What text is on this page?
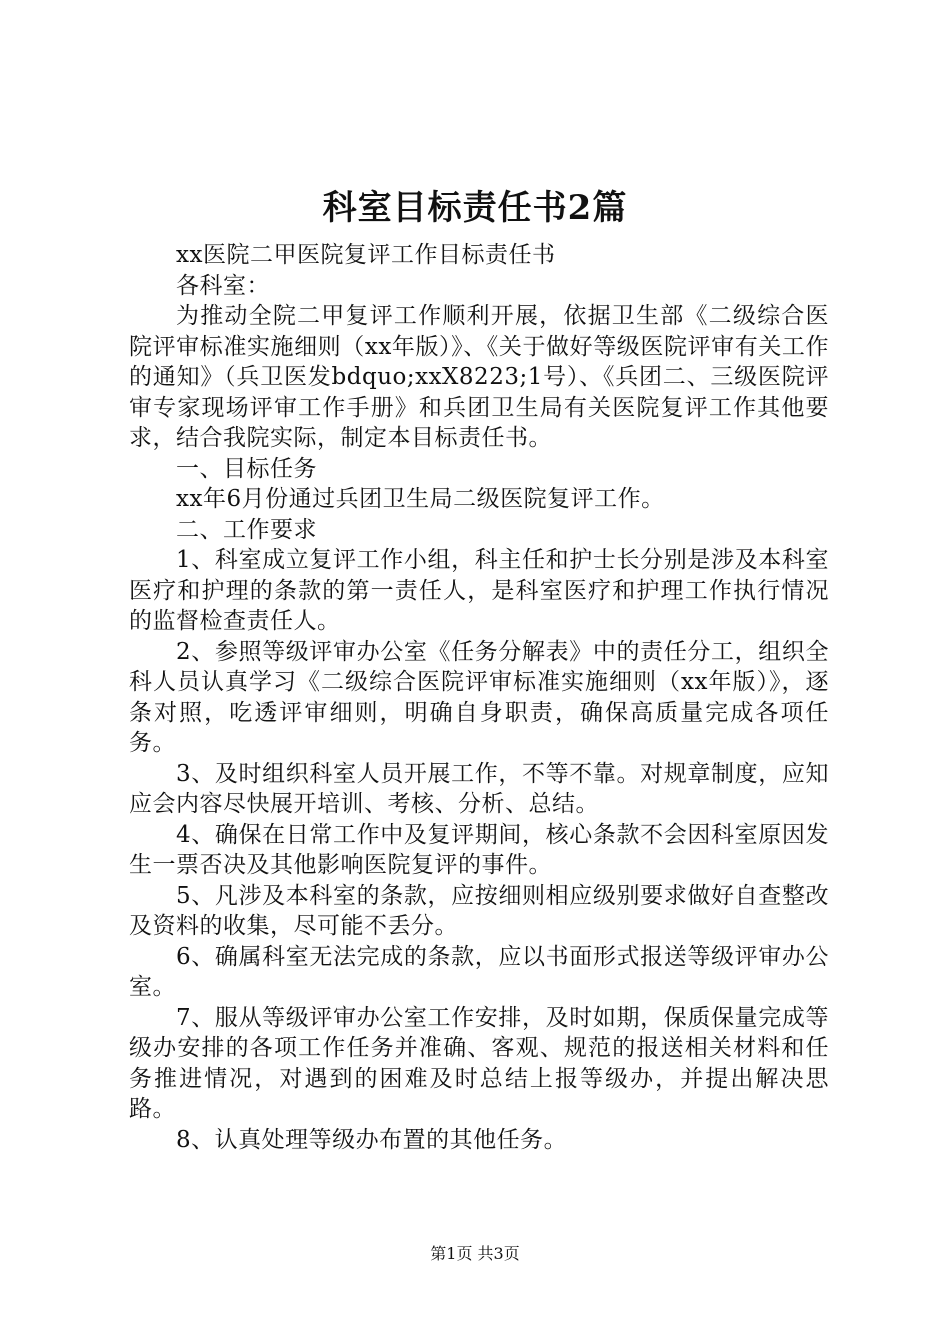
科室目标责任书2篇

xx医院二甲医院复评工作目标责任书

各科室：

为推动全院二甲复评工作顺利开展，依据卫生部《二级综合医院评审标准实施细则（xx年版）》、《关于做好等级医院评审有关工作的通知》（兵卫医发bdquo;xxX8223;1号）、《兵团二、三级医院评审专家现场评审工作手册》和兵团卫生局有关医院复评工作其他要求，结合我院实际，制定本目标责任书。

一、目标任务

xx年6月份通过兵团卫生局二级医院复评工作。

二、工作要求

1、科室成立复评工作小组，科主任和护士长分别是涉及本科室医疗和护理的条款的第一责任人，是科室医疗和护理工作执行情况的监督检查责任人。

2、参照等级评审办公室《任务分解表》中的责任分工，组织全科人员认真学习《二级综合医院评审标准实施细则（xx年版）》，逐条对照，吃透评审细则，明确自身职责，确保高质量完成各项任务。

3、及时组织科室人员开展工作，不等不靠。对规章制度，应知应会内容尽快展开培训、考核、分析、总结。

4、确保在日常工作中及复评期间，核心条款不会因科室原因发生一票否决及其他影响医院复评的事件。

5、凡涉及本科室的条款，应按细则相应级别要求做好自查整改及资料的收集，尽可能不丢分。

6、确属科室无法完成的条款，应以书面形式报送等级评审办公室。

7、服从等级评审办公室工作安排，及时如期，保质保量完成等级办安排的各项工作任务并准确、客观、规范的报送相关材料和任务推进情况，对遇到的困难及时总结上报等级办，并提出解决思路。

8、认真处理等级办布置的其他任务。

第1页 共3页
